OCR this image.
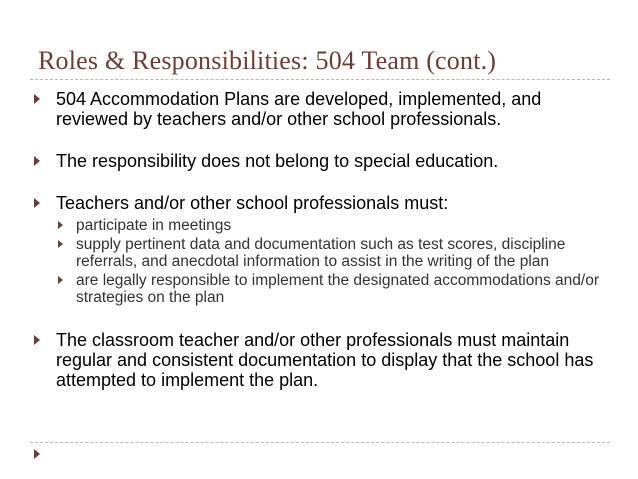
Roles & Responsibilities: 504 Team (cont.)
504 Accommodation Plans are developed, implemented, and reviewed by teachers and/or other school professionals.
The responsibility does not belong to special education.
Teachers and/or other school professionals must:
participate in meetings
supply pertinent data and documentation such as test scores, discipline referrals, and anecdotal information to assist in the writing of the plan
are legally responsible to implement the designated accommodations and/or strategies on the plan
The classroom teacher and/or other professionals must maintain regular and consistent documentation to display that the school has attempted to implement the plan.
